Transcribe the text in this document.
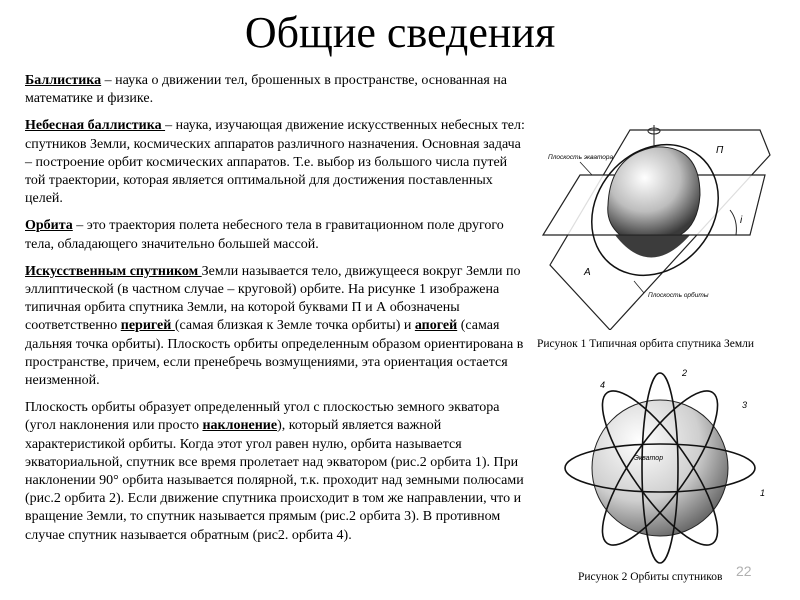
Общие сведения

Баллистика – наука о движении тел, брошенных в пространстве, основанная на математике и физике.

Небесная баллистика – наука, изучающая движение искусственных небесных тел: спутников Земли, космических аппаратов различного назначения. Основная задача – построение орбит космических аппаратов. Т.е. выбор из большого числа путей той траектории, которая является оптимальной для достижения поставленных целей.

Орбита – это траектория полета небесного тела в гравитационном поле другого тела, обладающего значительно большей массой.

Искусственным спутником Земли называется тело, движущееся вокруг Земли по эллиптической (в частном случае – круговой) орбите. На рисунке 1 изображена типичная орбита спутника Земли, на которой буквами П и А обозначены соответственно перигей (самая близкая к Земле точка орбиты) и апогей (самая дальняя точка орбиты). Плоскость орбиты определенным образом ориентирована в пространстве, причем, если пренебречь возмущениями, эта ориентация остается неизменной.

Плоскость орбиты образует определенный угол с плоскостью земного экватора (угол наклонения или просто наклонение), который является важной характеристикой орбиты. Когда этот угол равен нулю, орбита называется экваториальной, спутник все время пролетает над экватором (рис.2 орбита 1). При наклонении 90° орбита называется полярной, т.к. проходит над земными полюсами (рис.2 орбита 2). Если движение спутника происходит в том же направлении, что и вращение Земли, то спутник называется прямым (рис.2 орбита 3). В противном случае спутник называется обратным (рис2. орбита 4).

i
П
А
Плоскость экватора
Плоскость орбиты
Рисунок 1 Типичная орбита спутника Земли
Экватор
1
2
3
4
Рисунок 2 Орбиты спутников 22
